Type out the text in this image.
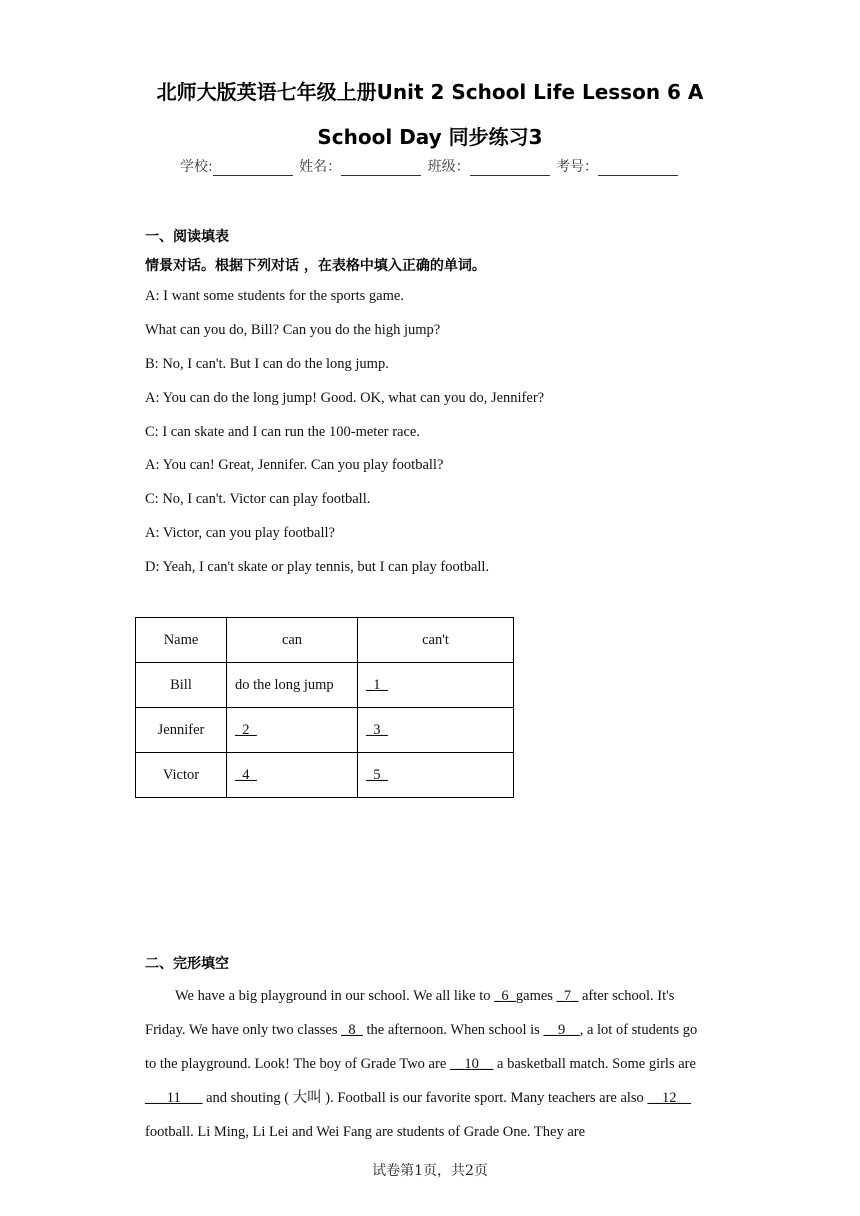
北师大版英语七年级上册Unit 2 School Life Lesson 6 A
School Day 同步练习3
学校:	姓名：	班级：	考号：
一、阅读填表
情景对话。根据下列对话 ，在表格中填入正确的单词。
A: I want some students for the sports game.
What can you do, Bill? Can you do the high jump?
B: No, I can't. But I can do the long jump.
A: You can do the long jump! Good. OK, what can you do, Jennifer?
C: I can skate and I can run the 100-meter race.
A: You can! Great, Jennifer. Can you play football?
C: No, I can't. Victor can play football.
A: Victor, can you play football?
D: Yeah, I can't skate or play tennis, but I can play football.
Name	can	can't
Bill	do the long jump	_1_
Jennifer	_2_	_3_
Victor	_4_	_5_
二、完形填空
We have a big playground in our school. We all like to _6_games _7_ after school. It's Friday. We have only two classes _8_ the afternoon. When school is __9__, a lot of students go to the playground. Look! The boy of Grade Two are __10__ a basketball match. Some girls are ___11___ and shouting ( 大叫 ). Football is our favorite sport. Many teachers are also __12__ football. Li Ming, Li Lei and Wei Fang are students of Grade One. They are
试卷第1页，共2页
